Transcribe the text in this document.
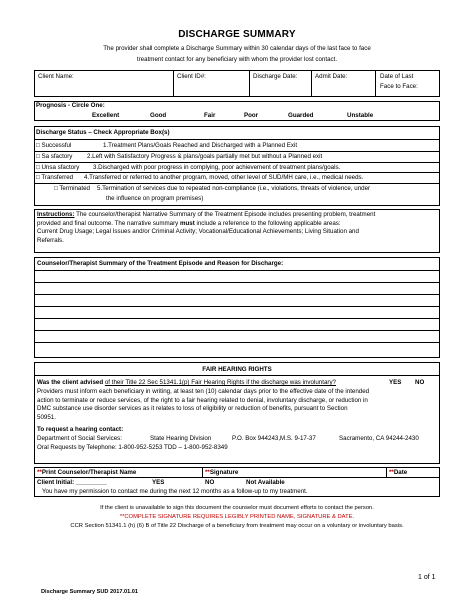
DISCHARGE SUMMARY
The provider shall complete a Discharge Summary within 30 calendar days of the last face to face
treatment contact for any beneficiary with whom the provider lost contact.
Client Name:	Client ID#:	Discharge Date:	Admit Date:	Date of Last
Face to Face:
Prognosis - Circle One:
Excellent	Good	Fair	Poor	Guarded	Unstable
Discharge Status – Check Appropriate Box(s)
□ Successful	1.Treatment Plans/Goals Reached and Discharged with a Planned Exit
□ Sa sfactory 2.Left with Satisfactory Progress & plans/goals partially met but without a Planned exit
□ Unsa sfactory 3.Discharged with poor progress in complying, poor achievement of treatment plans/goals.
□ Transferred 4.Transferred or referred to another program, moved, other level of SUD/MH care, i.e., medical needs.
□ Terminated 5.Termination of services due to repeated non-compliance (i.e., violations, threats of violence, under
the influence on program premises)
Instructions: The counselor/therapist Narrative Summary of the Treatment Episode includes presenting problem, treatment
provided and final outcome. The narrative summary must include a reference to the following applicable areas:
Current Drug Usage; Legal Issues and/or Criminal Activity; Vocational/Educational Achievements; Living Situation and
Referrals.
Counselor/Therapist Summary of the Treatment Episode and Reason for Discharge:
FAIR HEARING RIGHTS
Was the client advised of their Title 22 Sec 51341.1(p) Fair Hearing Rights if the discharge was involuntary?	YES NO
Providers must inform each beneficiary in writing, at least ten (10) calendar days prior to the effective date of the intended
action to terminate or reduce services, of the right to a fair hearing related to denial, involuntary discharge, or reduction in
DMC substance use disorder services as it relates to loss of eligibility or reduction of benefits, pursuant to Section
50951.
To request a hearing contact:
Department of Social Services:	State Hearing Division	P.O. Box 944243,M.S. 9-17-37	Sacramento, CA 94244-2430
Oral Requests by Telephone: 1-800-952-5253 TDD – 1-800-952-8349
**Print Counselor/Therapist Name	**Signature	**Date
Client Initial: _________	YES	NO	Not Available
You have my permission to contact me during the next 12 months as a follow-up to my treatment.
If the client is unavailable to sign this document the counselor must document efforts to contact the person.
**COMPLETE SIGNATURE REQUIRES LEGIBLY PRINTED NAME, SIGNATURE & DATE.
CCR Section 51341.1 (h) (6) B of Title 22 Discharge of a beneficiary from treatment may occur on a voluntary or involuntary basis.
1 of 1
Discharge Summary SUD 2017.01.01
